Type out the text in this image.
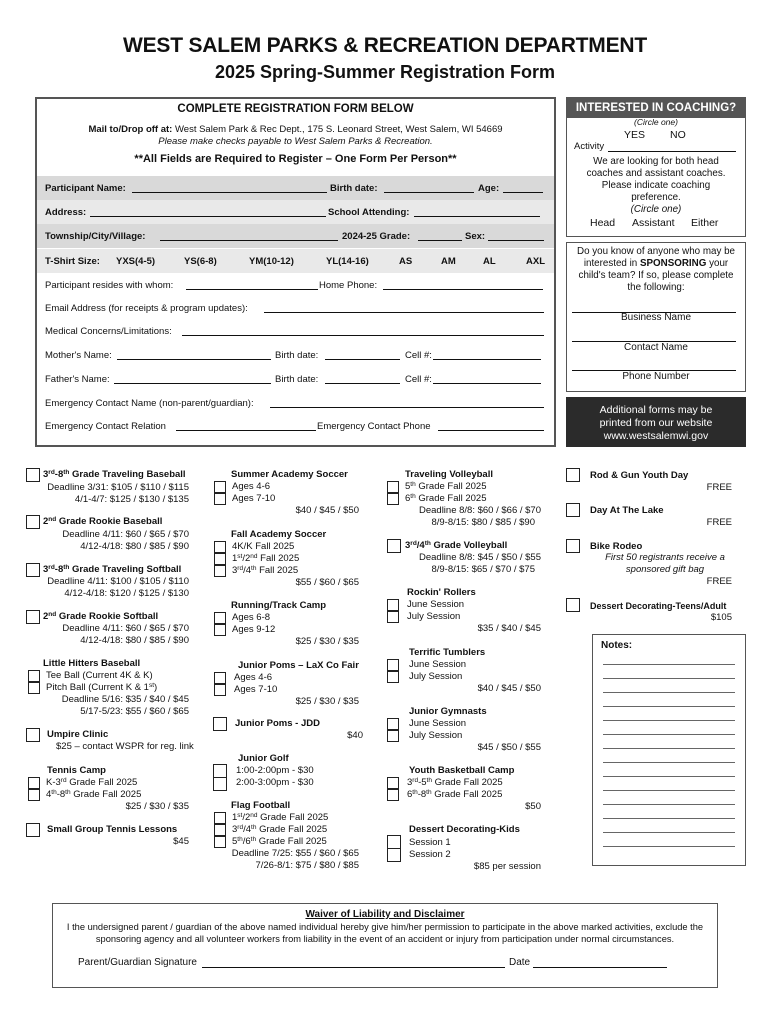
WEST SALEM PARKS & RECREATION DEPARTMENT
2025 Spring-Summer Registration Form
COMPLETE REGISTRATION FORM BELOW
Mail to/Drop off at: West Salem Park & Rec Dept., 175 S. Leonard Street, West Salem, WI 54669
Please make checks payable to West Salem Parks & Recreation.
**All Fields are Required to Register – One Form Per Person**
Participant Name:	Birth date:	Age:
Address:	School Attending:
Township/City/Village:	2024-25 Grade:	Sex:
T-Shirt Size: YXS(4-5)	YS(6-8)	YM(10-12)	YL(14-16)	AS	AM	AL	AXL
Participant resides with whom:	Home Phone:
Email Address (for receipts & program updates):
Medical Concerns/Limitations:
Mother's Name:	Birth date:	Cell #:
Father's Name:	Birth date:	Cell #:
Emergency Contact Name (non-parent/guardian):
Emergency Contact Relation	Emergency Contact Phone
INTERESTED IN COACHING?
(Circle one)
YES NO
Activity
We are looking for both head coaches and assistant coaches. Please indicate coaching preference.
(Circle one)
Head Assistant Either
Do you know of anyone who may be interested in SPONSORING your child's team? If so, please complete the following:
Business Name
Contact Name
Phone Number
Additional forms may be printed from our website
www.westsalemwi.gov
3rd-8th Grade Traveling Baseball
Deadline 3/31: $105 / $110 / $115
4/1-4/7: $125 / $130 / $135
2nd Grade Rookie Baseball
Deadline 4/11: $60 / $65 / $70
4/12-4/18: $80 / $85 / $90
3rd-8th Grade Traveling Softball
Deadline 4/11: $100 / $105 / $110
4/12-4/18: $120 / $125 / $130
2nd Grade Rookie Softball
Deadline 4/11: $60 / $65 / $70
4/12-4/18: $80 / $85 / $90
Little Hitters Baseball
Tee Ball (Current 4K & K)
Pitch Ball (Current K & 1st)
Deadline 5/16: $35 / $40 / $45
5/17-5/23: $55 / $60 / $65
Umpire Clinic
$25 – contact WSPR for reg. link
Tennis Camp
K-3rd Grade Fall 2025
4th-8th Grade Fall 2025
$25 / $30 / $35
Small Group Tennis Lessons
$45
Summer Academy Soccer
Ages 4-6
Ages 7-10
$40 / $45 / $50
Fall Academy Soccer
4K/K Fall 2025
1st/2nd Fall 2025
3rd/4th Fall 2025
$55 / $60 / $65
Running/Track Camp
Ages 6-8
Ages 9-12
$25 / $30 / $35
Junior Poms – LaX Co Fair
Ages 4-6
Ages 7-10
$25 / $30 / $35
Junior Poms - JDD
$40
Junior Golf
1:00-2:00pm - $30
2:00-3:00pm - $30
Flag Football
1st/2nd Grade Fall 2025
3rd/4th Grade Fall 2025
5th/6th Grade Fall 2025
Deadline 7/25: $55 / $60 / $65
7/26-8/1: $75 / $80 / $85
Traveling Volleyball
5th Grade Fall 2025
6th Grade Fall 2025
Deadline 8/8: $60 / $66 / $70
8/9-8/15: $80 / $85 / $90
3rd/4th Grade Volleyball
Deadline 8/8: $45 / $50 / $55
8/9-8/15: $65 / $70 / $75
Rockin' Rollers
June Session
July Session
$35 / $40 / $45
Terrific Tumblers
June Session
July Session
$40 / $45 / $50
Junior Gymnasts
June Session
July Session
$45 / $50 / $55
Youth Basketball Camp
3rd-5th Grade Fall 2025
6th-8th Grade Fall 2025
$50
Dessert Decorating-Kids
Session 1
Session 2
$85 per session
Rod & Gun Youth Day
FREE
Day At The Lake
FREE
Bike Rodeo
First 50 registrants receive a sponsored gift bag
FREE
Dessert Decorating-Teens/Adult
$105
Notes:
Waiver of Liability and Disclaimer
I the undersigned parent / guardian of the above named individual hereby give him/her permission to participate in the above marked activities, exclude the sponsoring agency and all volunteer workers from liability in the event of an accident or injury from participation under normal circumstances.
Parent/Guardian Signature	Date
